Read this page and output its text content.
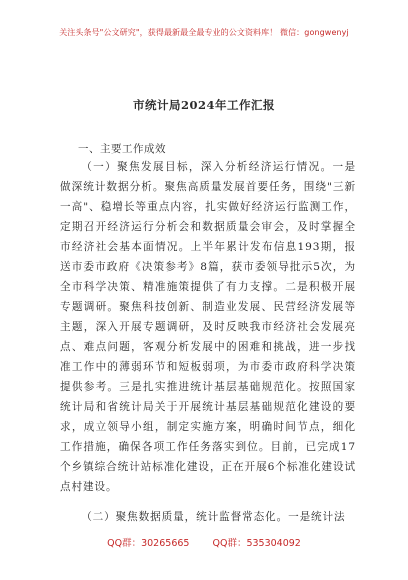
关注头条号"公文研究"，获得最新最全最专业的公文资料库！ 微信：gongwenyj
市统计局2024年工作汇报
一、主要工作成效
（一）聚焦发展目标，深入分析经济运行情况。一是做深统计数据分析。聚焦高质量发展首要任务，围绕"三新一高"、稳增长等重点内容，扎实做好经济运行监测工作，定期召开经济运行分析会和数据质量会审会，及时掌握全市经济社会基本面情况。上半年累计发布信息193期，报送市委市政府《决策参考》8篇，获市委领导批示5次，为全市科学决策、精准施策提供了有力支撑。二是积极开展专题调研。聚焦科技创新、制造业发展、民营经济发展等主题，深入开展专题调研，及时反映我市经济社会发展亮点、难点问题，客观分析发展中的困难和挑战，进一步找准工作中的薄弱环节和短板弱项，为市委市政府科学决策提供参考。三是扎实推进统计基层基础规范化。按照国家统计局和省统计局关于开展统计基层基础规范化建设的要求，成立领导小组，制定实施方案，明确时间节点，细化工作措施，确保各项工作任务落实到位。目前，已完成17个乡镇综合统计站标准化建设，正在开展6个标准化建设试点村建设。
（二）聚焦数据质量，统计监督常态化。一是统计法
QQ群：30265665 QQ群：535304092
